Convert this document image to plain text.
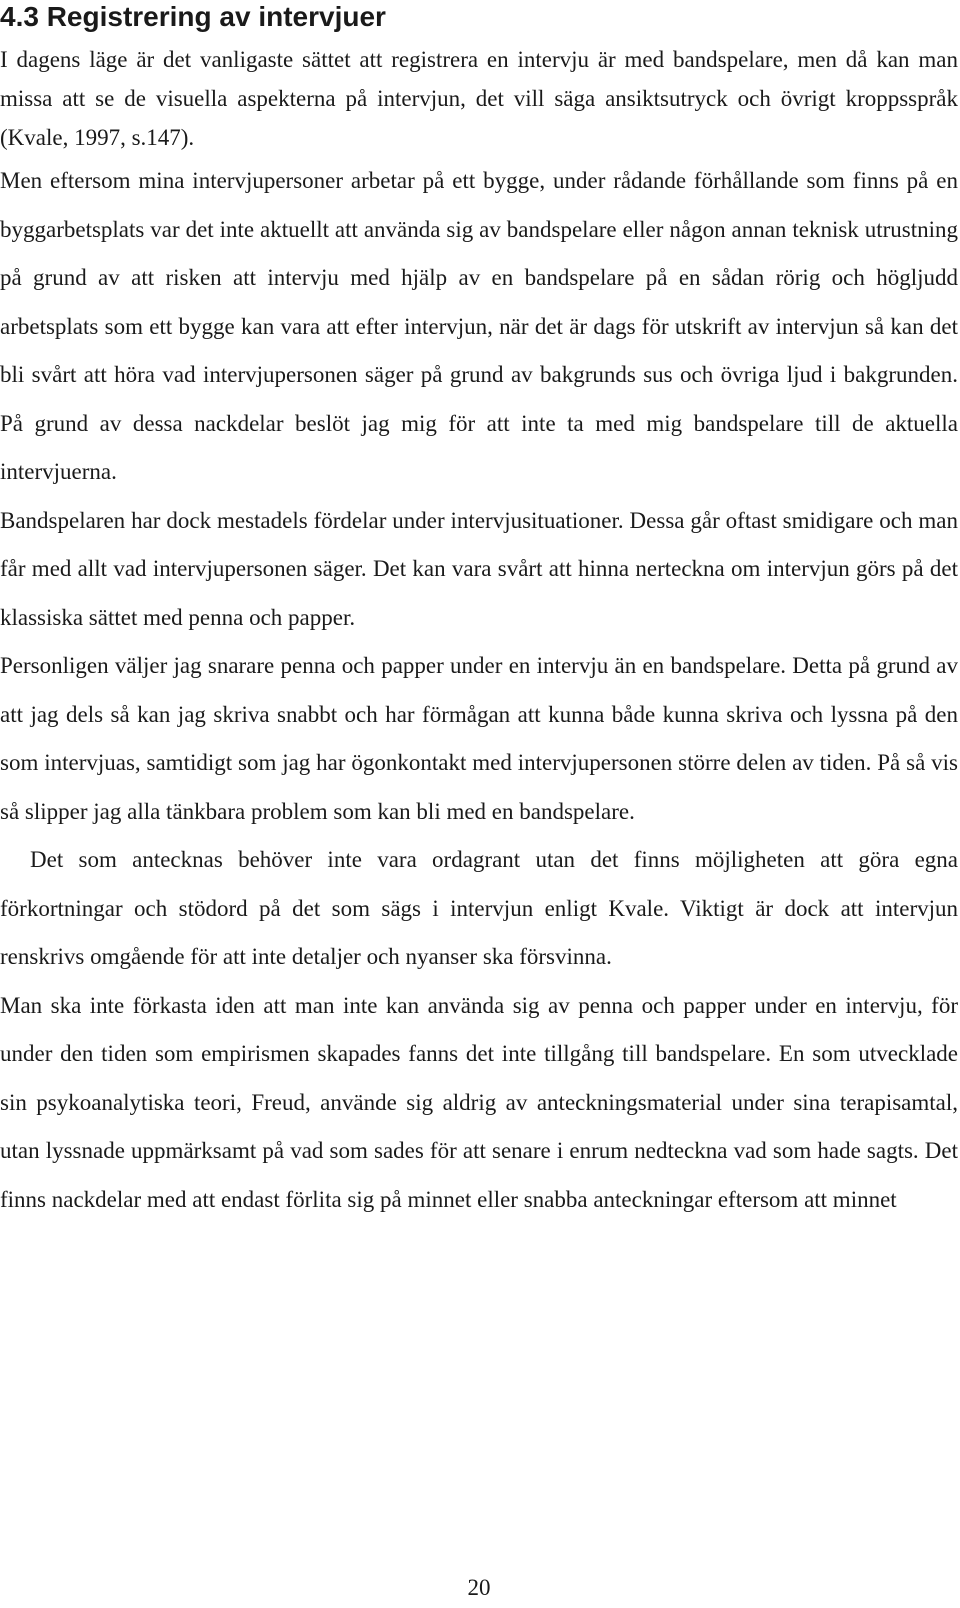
4.3 Registrering av intervjuer

I dagens läge är det vanligaste sättet att registrera en intervju är med bandspelare, men då kan man missa att se de visuella aspekterna på intervjun, det vill säga ansiktsutryck och övrigt kroppsspråk (Kvale, 1997, s.147).

Men eftersom mina intervjupersoner arbetar på ett bygge, under rådande förhållande som finns på en byggarbetsplats var det inte aktuellt att använda sig av bandspelare eller någon annan teknisk utrustning på grund av att risken att intervju med hjälp av en bandspelare på en sådan rörig och högljudd arbetsplats som ett bygge kan vara att efter intervjun, när det är dags för utskrift av intervjun så kan det bli svårt att höra vad intervjupersonen säger på grund av bakgrunds sus och övriga ljud i bakgrunden. På grund av dessa nackdelar beslöt jag mig för att inte ta med mig bandspelare till de aktuella intervjuerna.

Bandspelaren har dock mestadels fördelar under intervjusituationer. Dessa går oftast smidigare och man får med allt vad intervjupersonen säger. Det kan vara svårt att hinna nerteckna om intervjun görs på det klassiska sättet med penna och papper.

Personligen väljer jag snarare penna och papper under en intervju än en bandspelare. Detta på grund av att jag dels så kan jag skriva snabbt och har förmågan att kunna både kunna skriva och lyssna på den som intervjuas, samtidigt som jag har ögonkontakt med intervjupersonen större delen av tiden. På så vis så slipper jag alla tänkbara problem som kan bli med en bandspelare.

Det som antecknas behöver inte vara ordagrant utan det finns möjligheten att göra egna förkortningar och stödord på det som sägs i intervjun enligt Kvale. Viktigt är dock att intervjun renskrivs omgående för att inte detaljer och nyanser ska försvinna.

Man ska inte förkasta iden att man inte kan använda sig av penna och papper under en intervju, för under den tiden som empirismen skapades fanns det inte tillgång till bandspelare. En som utvecklade sin psykoanalytiska teori, Freud, använde sig aldrig av anteckningsmaterial under sina terapisamtal, utan lyssnade uppmärksamt på vad som sades för att senare i enrum nedteckna vad som hade sagts. Det finns nackdelar med att endast förlita sig på minnet eller snabba anteckningar eftersom att minnet

20
